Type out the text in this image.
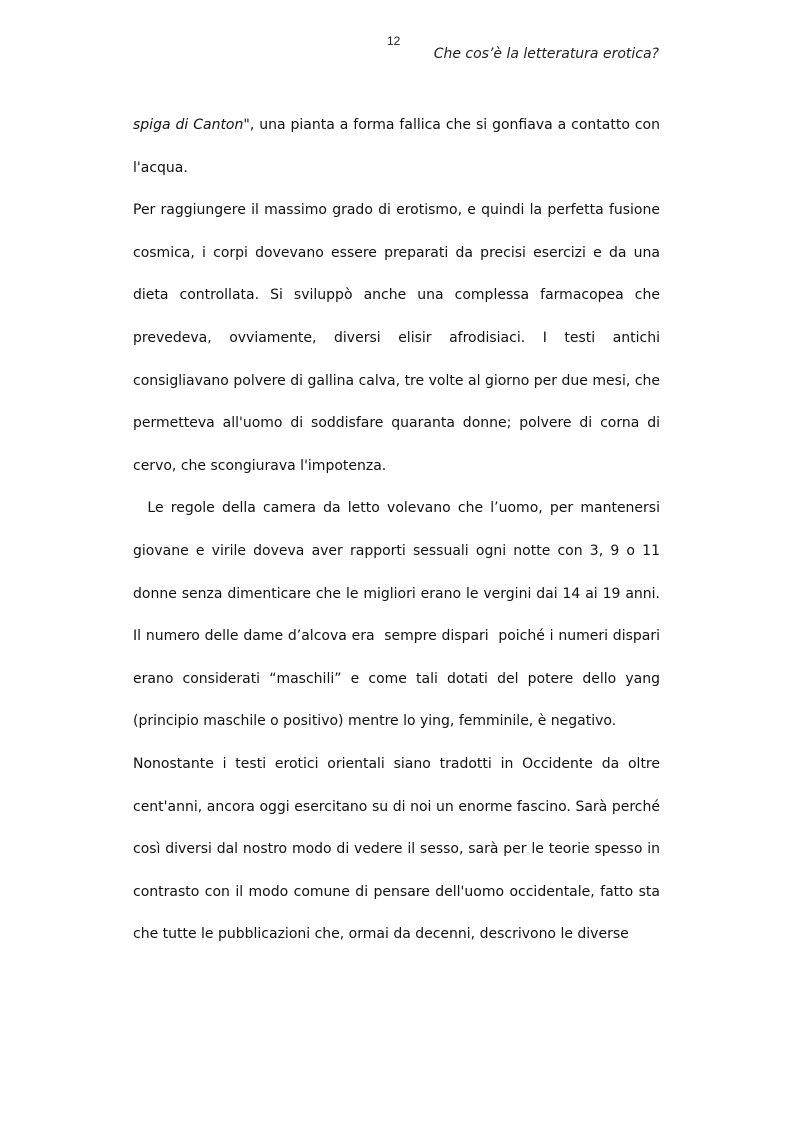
12
Che cos’è la letteratura erotica?

spiga di Canton", una pianta a forma fallica che si gonfiava a contatto con l'acqua.

Per raggiungere il massimo grado di erotismo, e quindi la perfetta fusione cosmica, i corpi dovevano essere preparati da precisi esercizi e da una dieta controllata. Si sviluppò anche una complessa farmacopea che prevedeva, ovviamente, diversi elisir afrodisiaci. I testi antichi consigliavano polvere di gallina calva, tre volte al giorno per due mesi, che permetteva all'uomo di soddisfare quaranta donne; polvere di corna di cervo, che scongiurava l'impotenza.

Le regole della camera da letto volevano che l’uomo, per mantenersi giovane e virile doveva aver rapporti sessuali ogni notte con 3, 9 o 11 donne senza dimenticare che le migliori erano le vergini dai 14 ai 19 anni. Il numero delle dame d’alcova era  sempre dispari  poiché i numeri dispari erano considerati “maschili” e come tali dotati del potere dello yang (principio maschile o positivo) mentre lo ying, femminile, è negativo.

Nonostante i testi erotici orientali siano tradotti in Occidente da oltre cent'anni, ancora oggi esercitano su di noi un enorme fascino. Sarà perché così diversi dal nostro modo di vedere il sesso, sarà per le teorie spesso in contrasto con il modo comune di pensare dell'uomo occidentale, fatto sta che tutte le pubblicazioni che, ormai da decenni, descrivono le diverse
